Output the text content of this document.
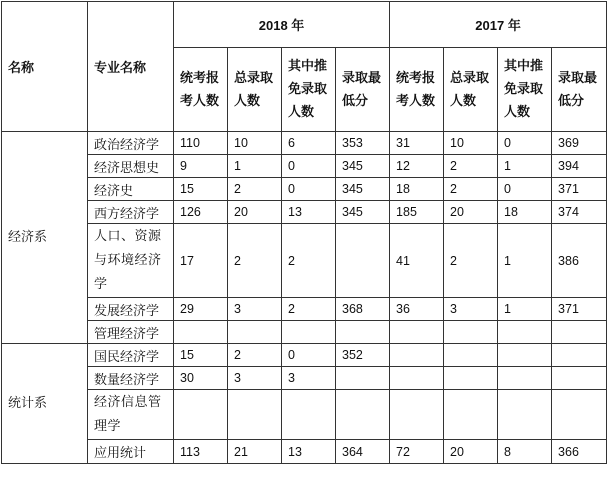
名称	专业名称	2018 年				2017 年			
		统考报考人数	总录取人数	其中推免录取人数	录取最低分	统考报考人数	总录取人数	其中推免录取人数	录取最低分
经济系	政治经济学	110	10	6	353	31	10	0	369
	经济思想史	9	1	0	345	12	2	1	394
	经济史	15	2	0	345	18	2	0	371
	西方经济学	126	20	13	345	185	20	18	374
	人口、资源与环境经济学	17	2	2		41	2	1	386
	发展经济学	29	3	2	368	36	3	1	371
	管理经济学								
统计系	国民经济学	15	2	0	352				
	数量经济学	30	3	3					
	经济信息管理学								
	应用统计	113	21	13	364	72	20	8	366
